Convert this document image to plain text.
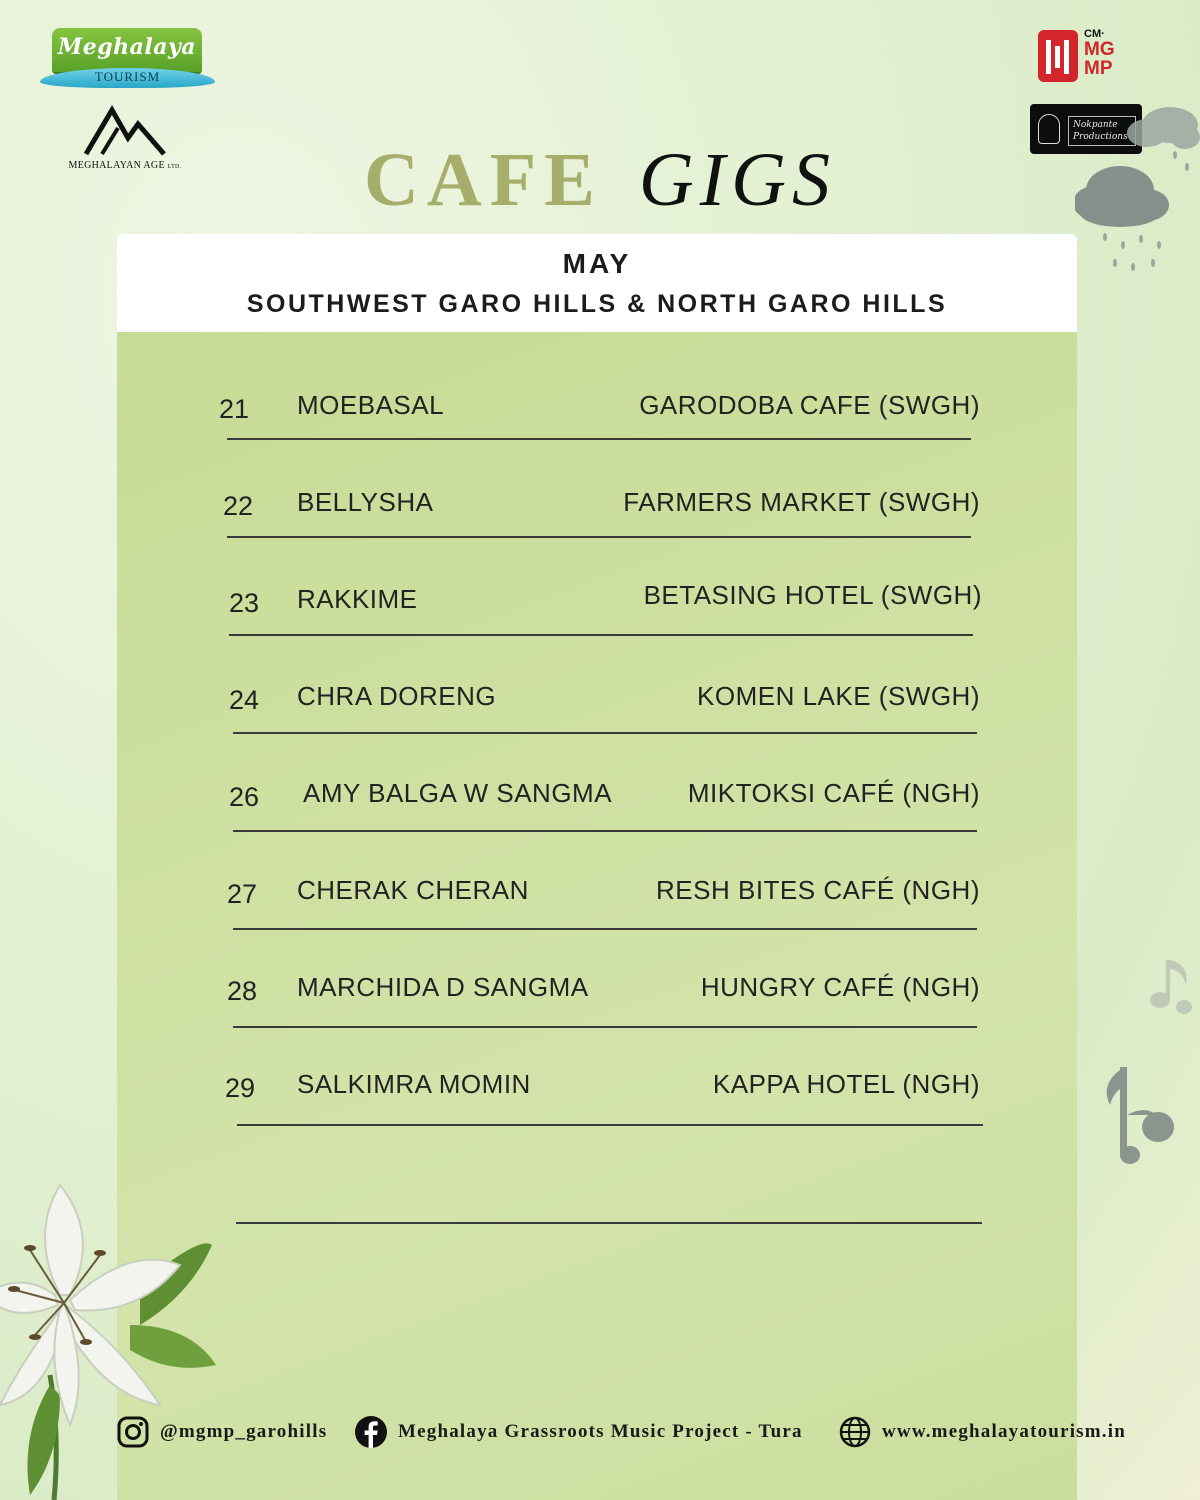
Meghalaya
TOURISM
MEGHALAYAN AGE LTD.
CM·
MG
MP
Nokpante Productions
CAFE GIGS
MAY
SOUTHWEST GARO HILLS & NORTH GARO HILLS
21	MOEBASAL	GARODOBA CAFE (SWGH)
22	BELLYSHA	FARMERS MARKET (SWGH)
23	RAKKIME	BETASING HOTEL (SWGH)
24	CHRA DORENG	KOMEN LAKE (SWGH)
26	AMY BALGA W SANGMA	MIKTOKSI CAFÉ (NGH)
27	CHERAK CHERAN	RESH BITES CAFÉ (NGH)
28	MARCHIDA D SANGMA	HUNGRY CAFÉ (NGH)
29	SALKIMRA MOMIN	KAPPA HOTEL (NGH)
@mgmp_garohills	Meghalaya Grassroots Music Project - Tura	www.meghalayatourism.in
